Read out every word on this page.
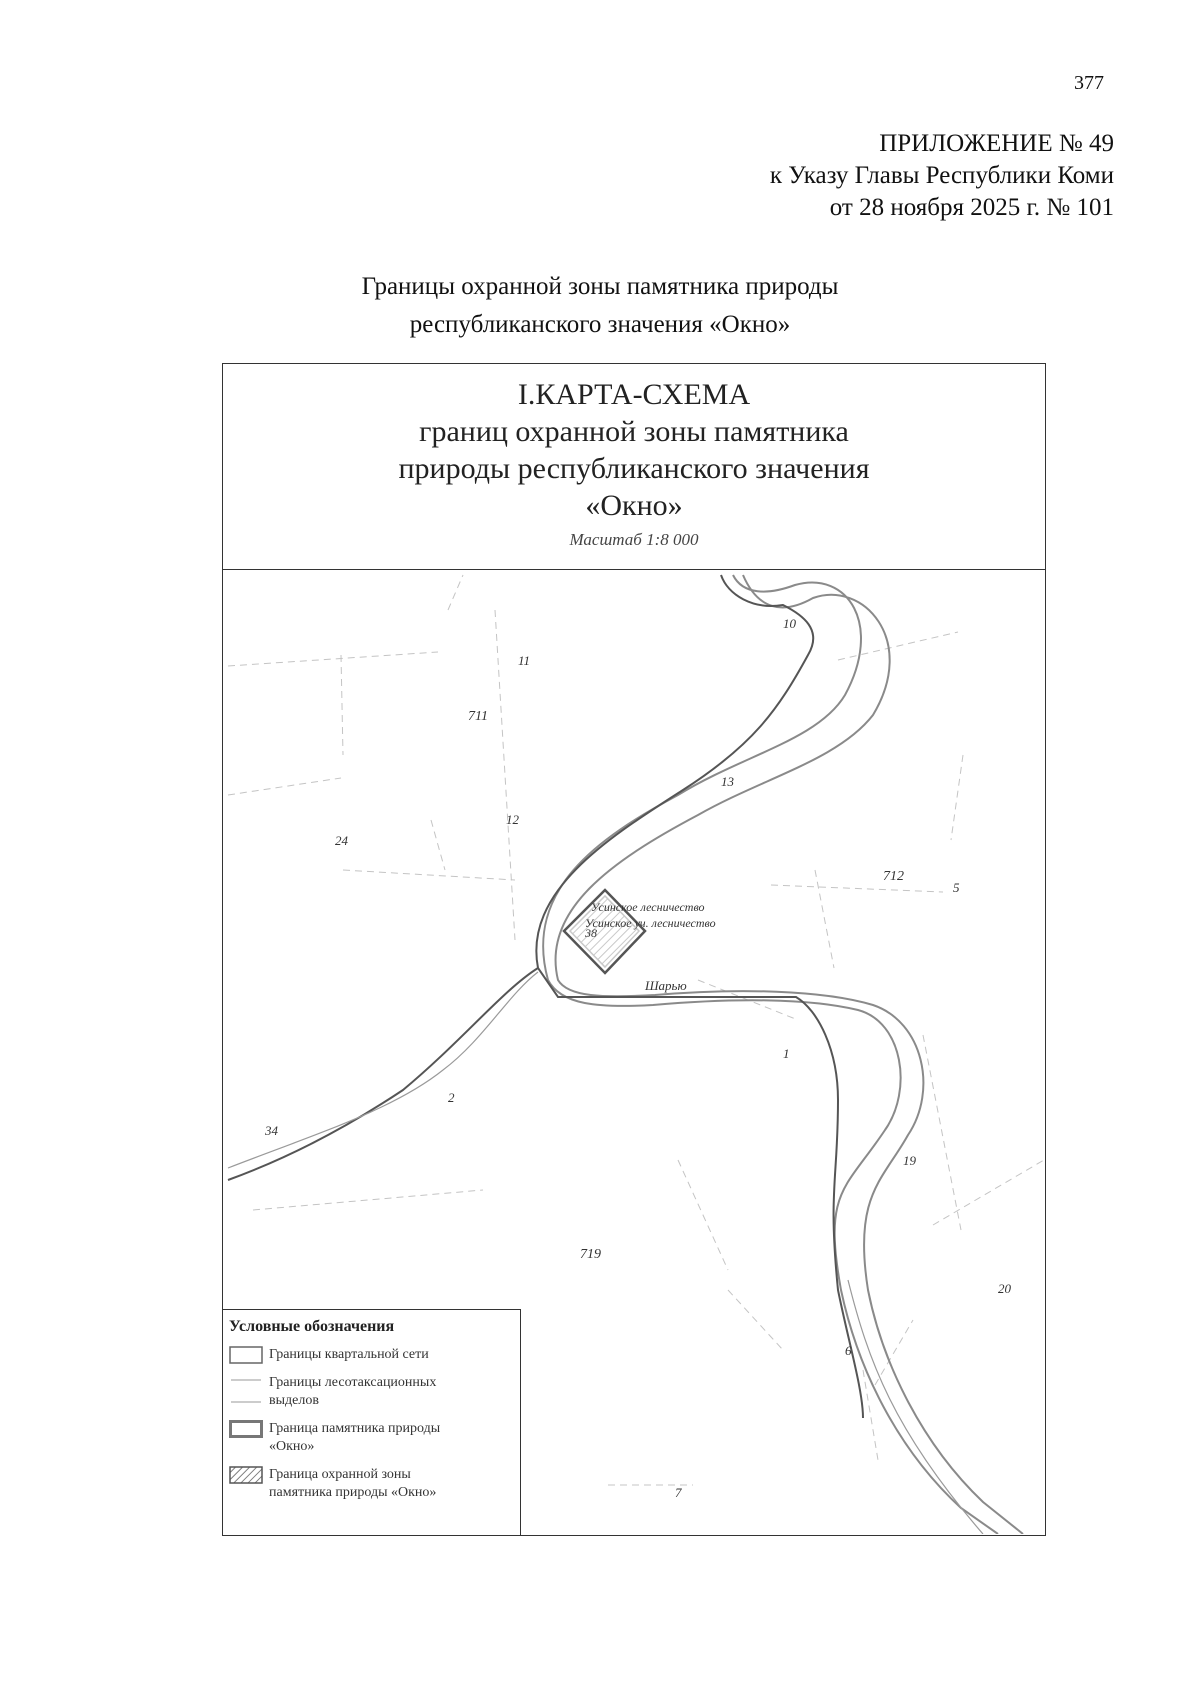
377
ПРИЛОЖЕНИЕ № 49
к Указу Главы Республики Коми
от 28 ноября 2025 г. № 101
Границы охранной зоны памятника природы
республиканского значения «Окно»
I.КАРТА-СХЕМА
границ охранной зоны памятника
природы республиканского значения
«Окно»
Масштаб 1:8 000
10
11
711
13
12
24
712
5
Усинское лесничество
Усинское уч. лесничество
38
Шарью
1
2
34
19
719
20
6
7
Условные обозначения
Границы квартальной сети
Границы лесотаксационных
выделов
Граница памятника природы
«Окно»
Граница охранной зоны
памятника природы «Окно»
